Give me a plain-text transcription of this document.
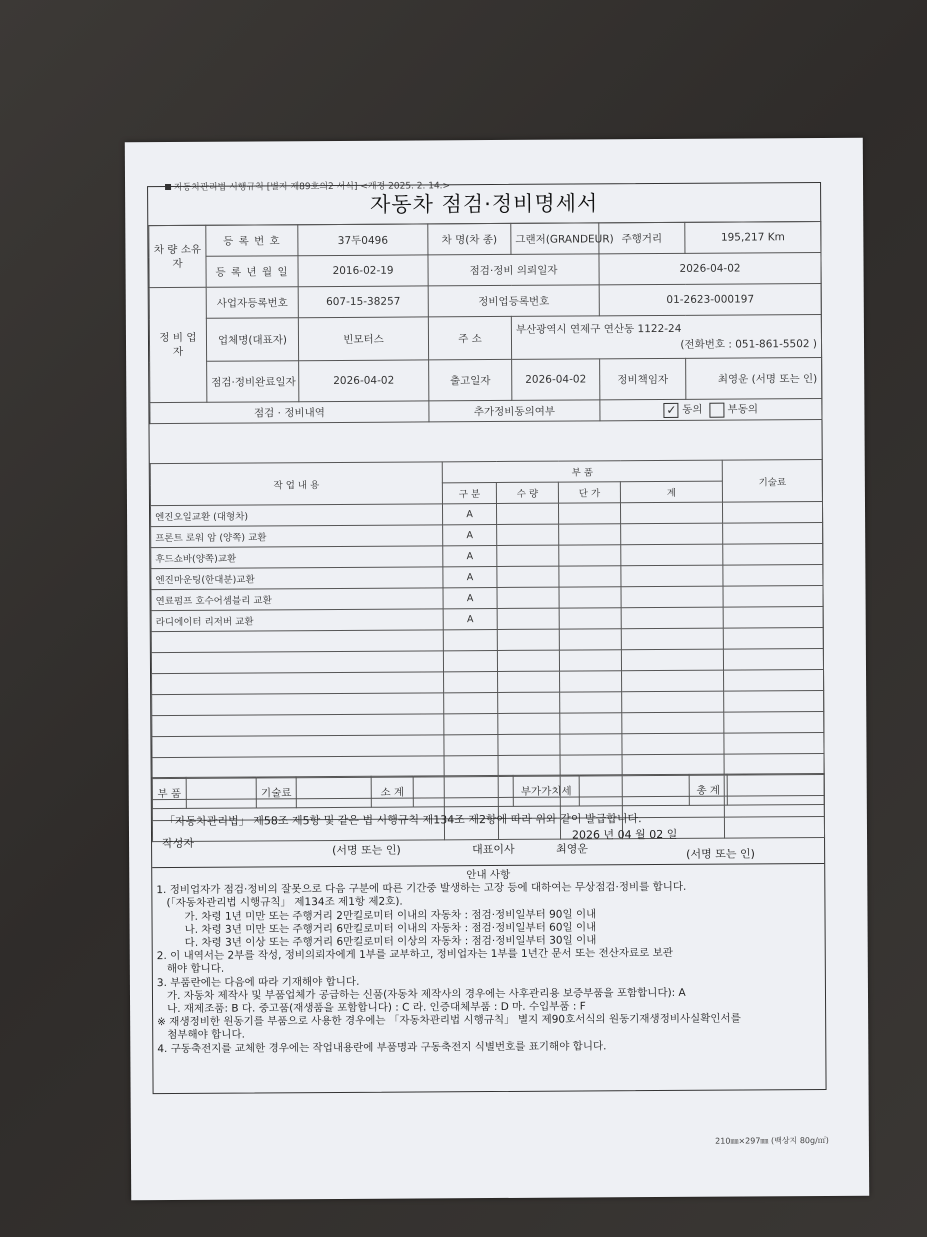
자동차관리법 시행규칙 [별지 제89호의2 서식] <개정 2025. 2. 14.>
자동차 점검·정비명세서
차 량 소유자	등 록 번 호	37두0496	차 명(차 종)	그랜저(GRANDEUR)	주행거리	195,217 Km
	등 록 년 월 일	2016-02-19	점검·정비 의뢰일자		2026-04-02	
정 비 업 자	사업자등록번호	607-15-38257	정비업등록번호		01-2623-000197	
	업체명(대표자)	빈모터스	주 소	부산광역시 연제구 연산동 1122-24
(전화번호 : 051-861-5502 )		

	점검·정비완료일자	2026-04-02	출고일자	2026-04-02	정비책임자	최영운 (서명 또는 인)
점검 · 정비내역			추가정비동의여부		✓ 동의 부동의	
작 업 내 용	부 품				기술료
	구 분	수 량	단 가	계	
엔진오일교환 (대형차)	A				
프론트 로워 암 (양쪽) 교환	A				
후드쇼바(양쪽)교환	A				
엔진마운팅(한대분)교환	A				
연료펌프 호수어셈블리 교환	A				
라디에이터 리저버 교환	A				

부 품		기술료		소 계		부가가치세		총 계	
「자동차관리법」 제58조 제5항 및 같은 법 시행규칙 제134조 제2항에 따라 위와 같이 발급합니다.
2026 년 04 월 02 일
작성자
(서명 또는 인)	대표이사	최영운	(서명 또는 인)
안내 사항
1. 정비업자가 점검·정비의 잘못으로 다음 구분에 따른 기간중 발생하는 고장 등에 대하여는 무상점검·정비를 합니다.
(「자동차관리법 시행규칙」 제134조 제1항 제2호).
가. 차령 1년 미만 또는 주행거리 2만킬로미터 이내의 자동차 : 점검·정비일부터 90일 이내
나. 차령 3년 미만 또는 주행거리 6만킬로미터 이내의 자동차 : 점검·정비일부터 60일 이내
다. 차령 3년 이상 또는 주행거리 6만킬로미터 이상의 자동차 : 점검·정비일부터 30일 이내
2. 이 내역서는 2부를 작성, 정비의뢰자에게 1부를 교부하고, 정비업자는 1부를 1년간 문서 또는 전산자료로 보관
해야 합니다.
3. 부품란에는 다음에 따라 기재해야 합니다.
가. 자동차 제작사 및 부품업체가 공급하는 신품(자동차 제작사의 경우에는 사후관리용 보증부품을 포함합니다): A
나. 재제조품: B 다. 중고품(재생품을 포함합니다) : C 라. 인증대체부품 : D 마. 수입부품 : F
※ 재생정비한 원동기를 부품으로 사용한 경우에는 「자동차관리법 시행규칙」 별지 제90호서식의 원동기재생정비사실확인서를
첨부해야 합니다.
4. 구동축전지를 교체한 경우에는 작업내용란에 부품명과 구동축전지 식별번호를 표기해야 합니다.
210㎜×297㎜ (백상지 80g/㎡)
